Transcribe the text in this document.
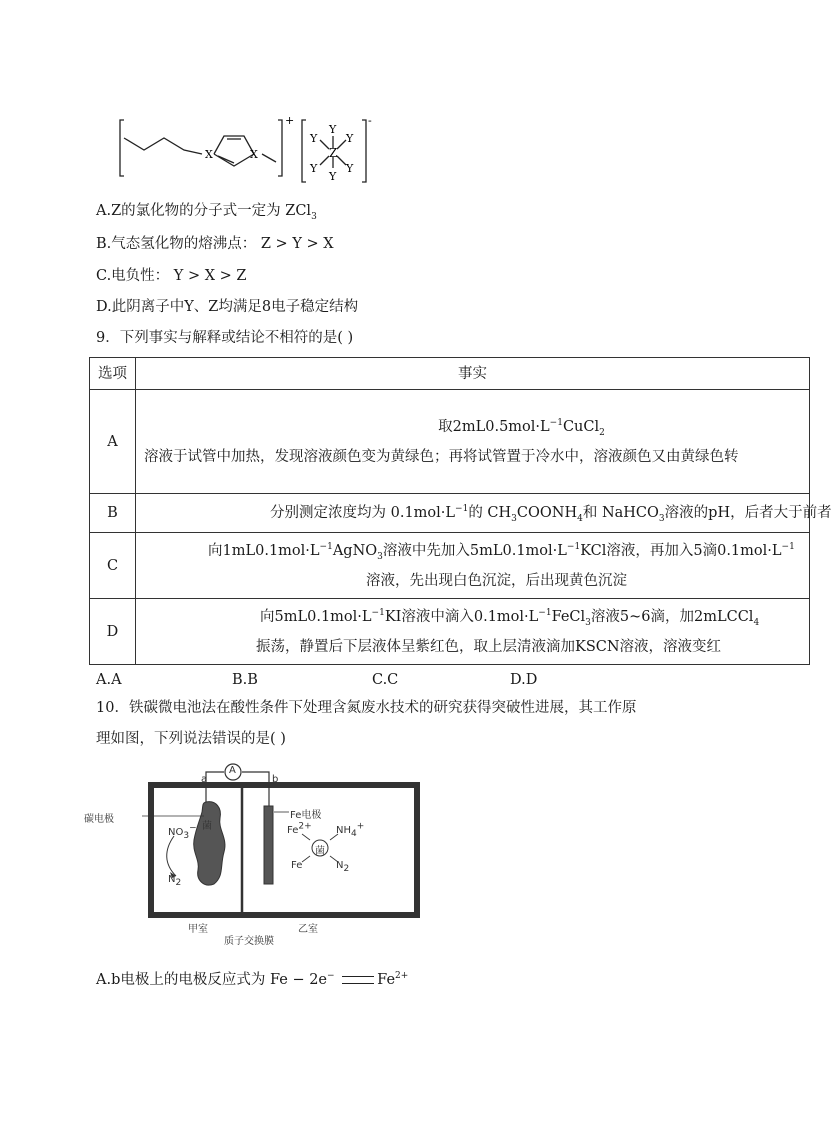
X	X
+	-
Y
Y	Y
Z
Y	Y
Y
A.Z的氯化物的分子式一定为 ZCl$_3$
B.气态氢化物的熔沸点： Z > Y > X
C.电负性： Y > X > Z
D.此阴离子中Y、Z均满足8电子稳定结构
9．下列事实与解释或结论不相符的是( )
选项	事实
A	取$2mL0.5mol\cdot L^{-1}CuCl_2$
溶液于试管中加热，发现溶液颜色变为黄绿色；再将试管置于冷水中，溶液颜色又由黄绿色转

B	分别测定浓度均为 $0.1mol\cdot L^{-1}$的 $CH_3COONH_4$和 NaHCO$_3$溶液的pH，后者大于前者
C	向$1mL0.1mol\cdot L^{-1}AgNO_3$溶液中先加入$5mL0.1mol\cdot L^{-1}KCl$溶液，再加入5滴$0.1mol\cdot L^{-1}$
溶液，先出现白色沉淀，后出现黄色沉淀

D	向$5mL0.1mol\cdot L^{-1}KI$溶液中滴入$0.1mol\cdot L^{-1}FeCl_3$溶液5~6滴，加2mLCCl$_4$
振荡，静置后下层液体呈紫红色，取上层清液滴加KSCN溶液，溶液变红
A.A	B.B	C.C	D.D
10．铁碳微电池法在酸性条件下处理含氮废水技术的研究获得突破性进展，其工作原
理如图，下列说法错误的是( )
A
a	b
碳电极	Fe电极
菌
$NO_3^-$
$N_2$
$Fe^{2+}$ $NH_4^+$
菌
Fe	$N_2$
甲室
质子交换膜
乙室
A.b电极上的电极反应式为 Fe − 2e−	$Fe^{2+}$
